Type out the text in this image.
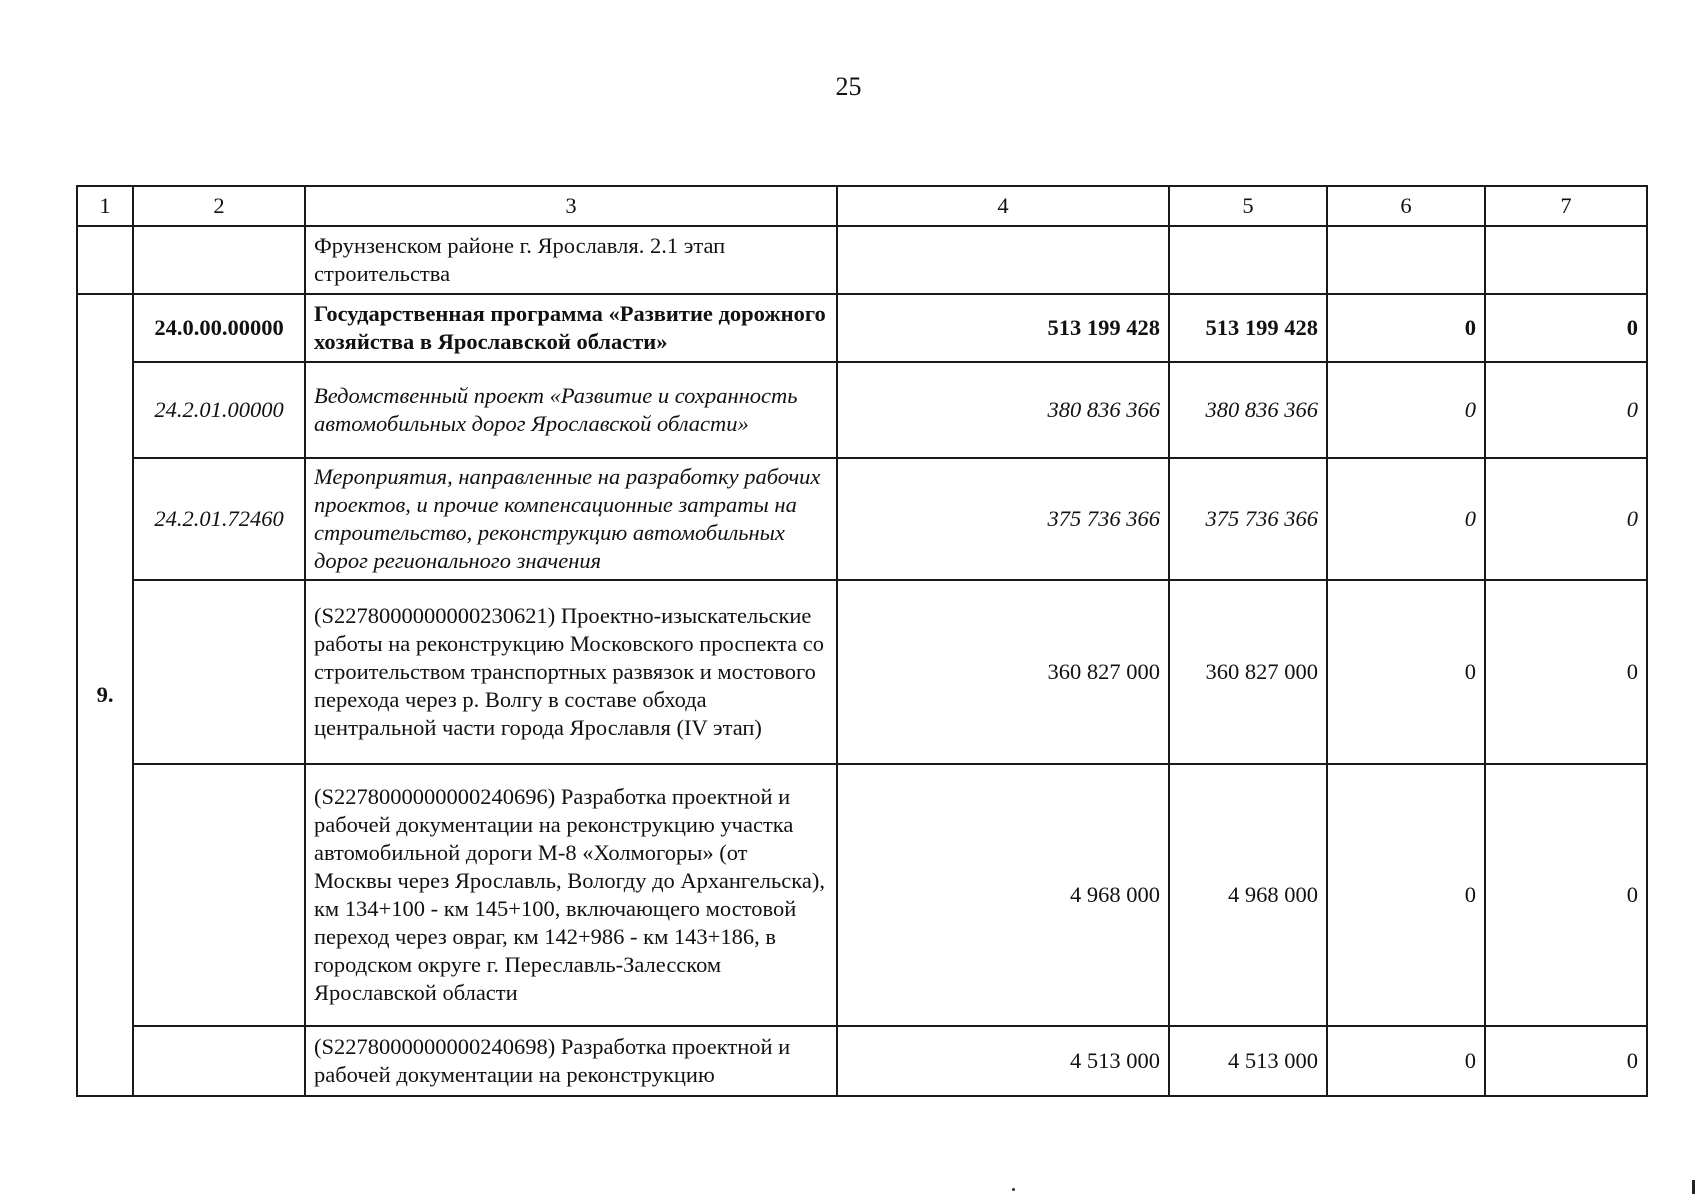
25
1	2	3	4	5	6	7
		Фрунзенском районе г. Ярославля. 2.1 этап строительства				
9.	24.0.00.00000	Государственная программа «Развитие дорожного хозяйства в Ярославской области»	513 199 428	513 199 428	0	0
	24.2.01.00000	Ведомственный проект «Развитие и сохранность автомобильных дорог Ярославской области»	380 836 366	380 836 366	0	0
	24.2.01.72460	Мероприятия, направленные на разработку рабочих проектов, и прочие компенсационные затраты на строительство, реконструкцию автомобильных дорог регионального значения	375 736 366	375 736 366	0	0
		(S2278000000000230621) Проектно-изыскательские работы на реконструкцию Московского проспекта со строительством транспортных развязок и мостового перехода через р. Волгу в составе обхода центральной части города Ярославля (IV этап)	360 827 000	360 827 000	0	0
		(S2278000000000240696) Разработка проектной и рабочей документации на реконструкцию участка автомобильной дороги М-8 «Холмогоры» (от Москвы через Ярославль, Вологду до Архангельска), км 134+100 - км 145+100, включающего мостовой переход через овраг, км 142+986 - км 143+186, в городском округе г. Переславль-Залесском Ярославской области	4 968 000	4 968 000	0	0
		(S2278000000000240698) Разработка проектной и рабочей документации на реконструкцию	4 513 000	4 513 000	0	0
